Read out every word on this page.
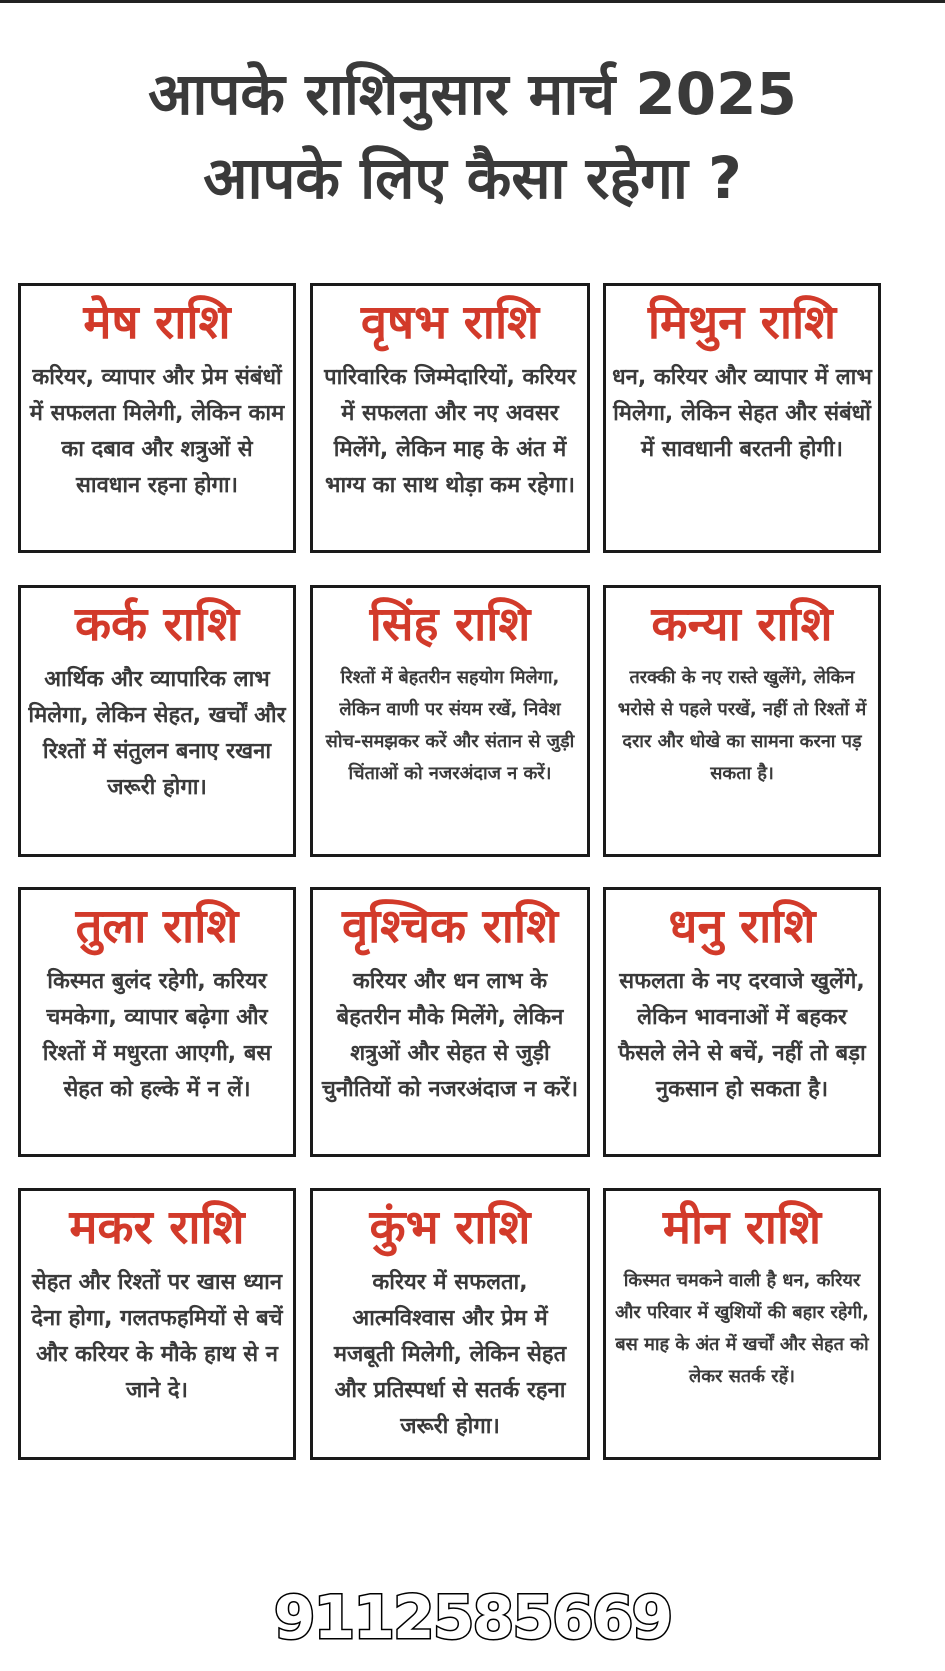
आपके राशिनुसार मार्च 2025
आपके लिए कैसा रहेगा ?
मेष राशि
करियर, व्यापार और प्रेम संबंधों में सफलता मिलेगी, लेकिन काम का दबाव और शत्रुओं से सावधान रहना होगा।
वृषभ राशि
पारिवारिक जिम्मेदारियों, करियर में सफलता और नए अवसर मिलेंगे, लेकिन माह के अंत में भाग्य का साथ थोड़ा कम रहेगा।
मिथुन राशि
धन, करियर और व्यापार में लाभ मिलेगा, लेकिन सेहत और संबंधों में सावधानी बरतनी होगी।
कर्क राशि
आर्थिक और व्यापारिक लाभ मिलेगा, लेकिन सेहत, खर्चों और रिश्तों में संतुलन बनाए रखना जरूरी होगा।
सिंह राशि
रिश्तों में बेहतरीन सहयोग मिलेगा, लेकिन वाणी पर संयम रखें, निवेश सोच-समझकर करें और संतान से जुड़ी चिंताओं को नजरअंदाज न करें।
कन्या राशि
तरक्की के नए रास्ते खुलेंगे, लेकिन भरोसे से पहले परखें, नहीं तो रिश्तों में दरार और धोखे का सामना करना पड़ सकता है।
तुला राशि
किस्मत बुलंद रहेगी, करियर चमकेगा, व्यापार बढ़ेगा और रिश्तों में मधुरता आएगी, बस सेहत को हल्के में न लें।
वृश्चिक राशि
करियर और धन लाभ के बेहतरीन मौके मिलेंगे, लेकिन शत्रुओं और सेहत से जुड़ी चुनौतियों को नजरअंदाज न करें।
धनु राशि
सफलता के नए दरवाजे खुलेंगे, लेकिन भावनाओं में बहकर फैसले लेने से बचें, नहीं तो बड़ा नुकसान हो सकता है।
मकर राशि
सेहत और रिश्तों पर खास ध्यान देना होगा, गलतफहमियों से बचें और करियर के मौके हाथ से न जाने दे।
कुंभ राशि
करियर में सफलता, आत्मविश्वास और प्रेम में मजबूती मिलेगी, लेकिन सेहत और प्रतिस्पर्धा से सतर्क रहना जरूरी होगा।
मीन राशि
किस्मत चमकने वाली है धन, करियर और परिवार में खुशियों की बहार रहेगी, बस माह के अंत में खर्चों और सेहत को लेकर सतर्क रहें।
9112585669
